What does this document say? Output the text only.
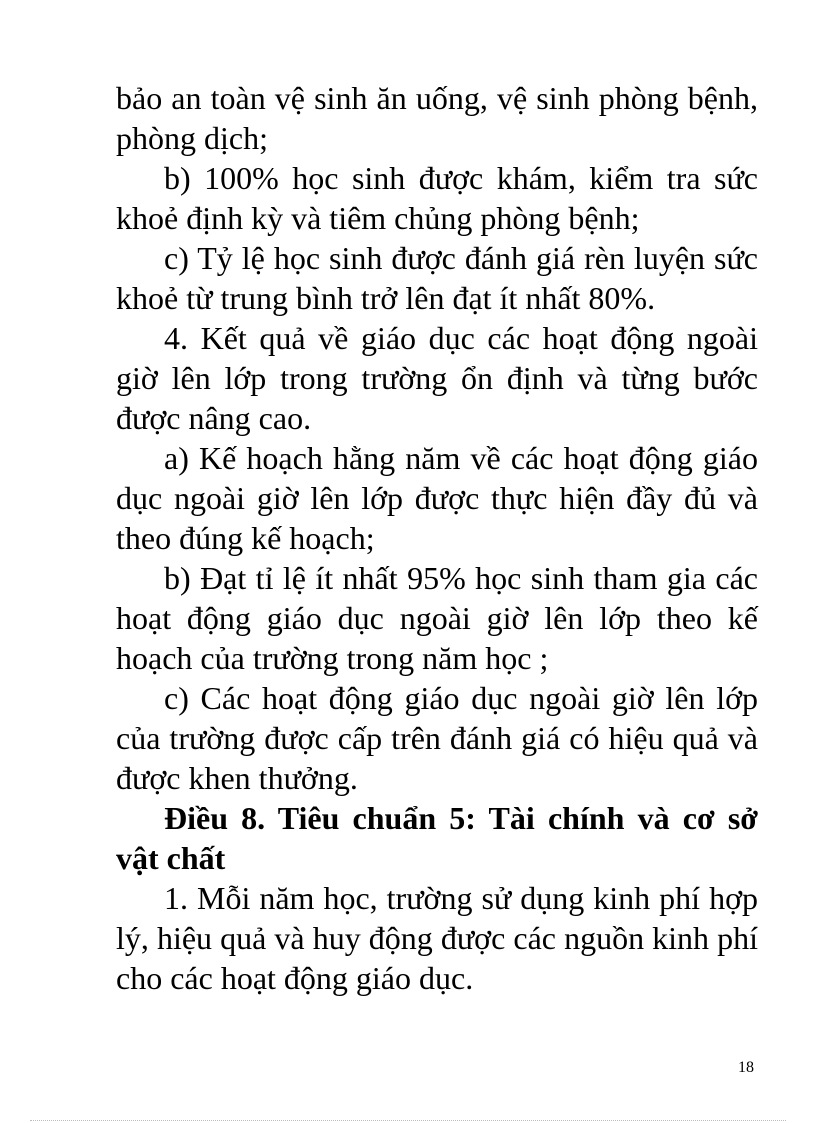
bảo an toàn vệ sinh ăn uống, vệ sinh phòng bệnh, phòng dịch;

b) 100% học sinh được khám, kiểm tra sức khoẻ định kỳ và tiêm chủng phòng bệnh;

c) Tỷ lệ học sinh được đánh giá rèn luyện sức khoẻ từ trung bình trở lên đạt ít nhất 80%.

4. Kết quả về giáo dục các hoạt động ngoài giờ lên lớp trong trường ổn định và từng bước được nâng cao.

a) Kế hoạch hằng năm về các hoạt động giáo dục ngoài giờ lên lớp được thực hiện đầy đủ và theo đúng kế hoạch;

b) Đạt tỉ lệ ít nhất 95% học sinh tham gia các hoạt động giáo dục ngoài giờ lên lớp theo kế hoạch của trường trong năm học ;

c) Các hoạt động giáo dục ngoài giờ lên lớp của trường được cấp trên đánh giá có hiệu quả và được khen thưởng.

Điều 8. Tiêu chuẩn 5: Tài chính và cơ sở vật chất

1. Mỗi năm học, trường sử dụng kinh phí hợp lý, hiệu quả và huy động được các nguồn kinh phí cho các hoạt động giáo dục.

18
